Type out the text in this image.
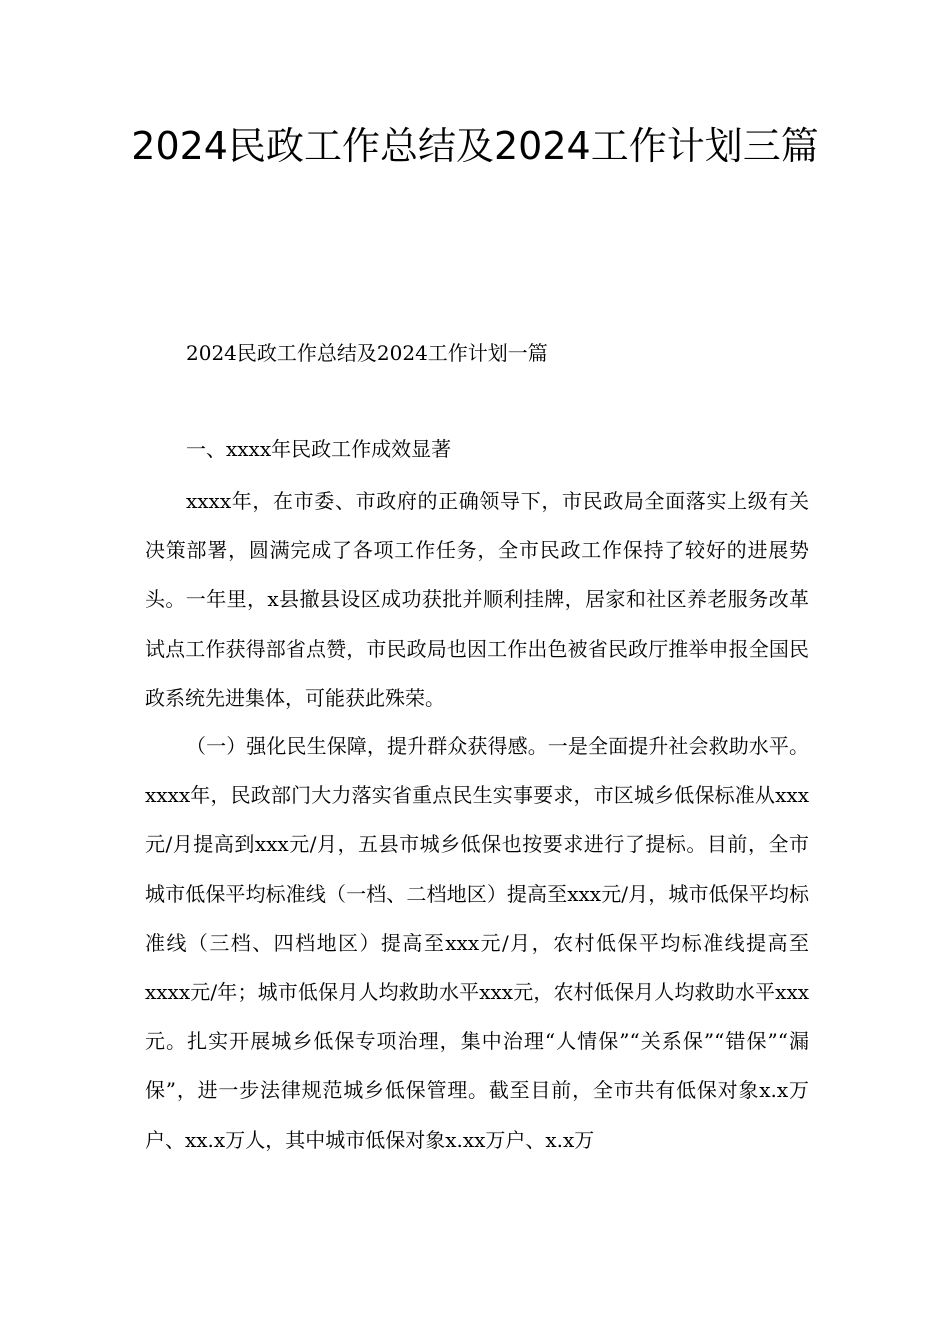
2024民政工作总结及2024工作计划三篇

2024民政工作总结及2024工作计划一篇

一、xxxx年民政工作成效显著

xxxx年，在市委、市政府的正确领导下，市民政局全面落实上级有关决策部署，圆满完成了各项工作任务，全市民政工作保持了较好的进展势头。一年里，x县撤县设区成功获批并顺利挂牌，居家和社区养老服务改革试点工作获得部省点赞，市民政局也因工作出色被省民政厅推举申报全国民政系统先进集体，可能获此殊荣。

（一）强化民生保障，提升群众获得感。一是全面提升社会救助水平。xxxx年，民政部门大力落实省重点民生实事要求，市区城乡低保标准从xxx元/月提高到xxx元/月，五县市城乡低保也按要求进行了提标。目前，全市城市低保平均标准线（一档、二档地区）提高至xxx元/月，城市低保平均标准线（三档、四档地区）提高至xxx元/月，农村低保平均标准线提高至xxxx元/年；城市低保月人均救助水平xxx元，农村低保月人均救助水平xxx元。扎实开展城乡低保专项治理，集中治理“人情保”“关系保”“错保”“漏保”，进一步法律规范城乡低保管理。截至目前，全市共有低保对象x.x万户、xx.x万人，其中城市低保对象x.xx万户、x.x万
